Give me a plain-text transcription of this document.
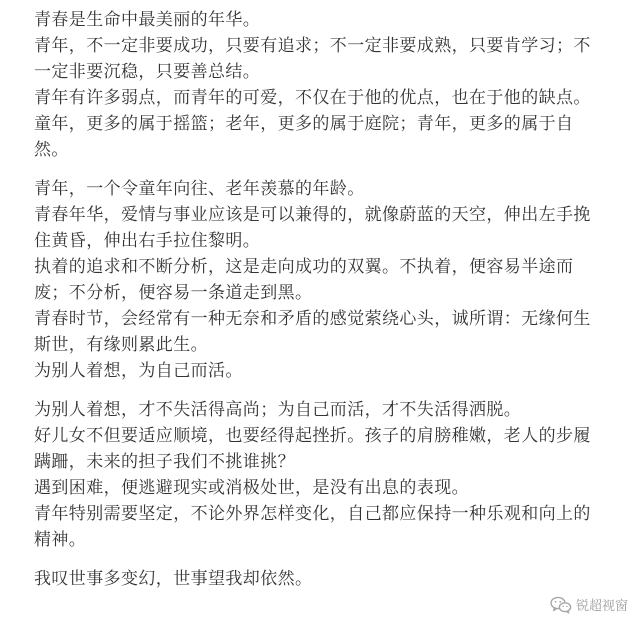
青春是生命中最美丽的年华。
青年，不一定非要成功，只要有追求；不一定非要成熟，只要肯学习；不
一定非要沉稳，只要善总结。
青年有许多弱点，而青年的可爱，不仅在于他的优点，也在于他的缺点。
童年，更多的属于摇篮；老年，更多的属于庭院；青年，更多的属于自
然。
青年，一个令童年向往、老年羡慕的年龄。
青春年华，爱情与事业应该是可以兼得的，就像蔚蓝的天空，伸出左手挽
住黄昏，伸出右手拉住黎明。
执着的追求和不断分析，这是走向成功的双翼。不执着，便容易半途而
废；不分析，便容易一条道走到黑。
青春时节，会经常有一种无奈和矛盾的感觉萦绕心头，诚所谓：无缘何生
斯世，有缘则累此生。
为别人着想，为自己而活。
为别人着想，才不失活得高尚；为自己而活，才不失活得洒脱。
好儿女不但要适应顺境，也要经得起挫折。孩子的肩膀稚嫩，老人的步履
蹒跚，未来的担子我们不挑谁挑？
遇到困难，便逃避现实或消极处世，是没有出息的表现。
青年特别需要坚定，不论外界怎样变化，自己都应保持一种乐观和向上的
精神。
我叹世事多变幻，世事望我却依然。
锐超视窗
